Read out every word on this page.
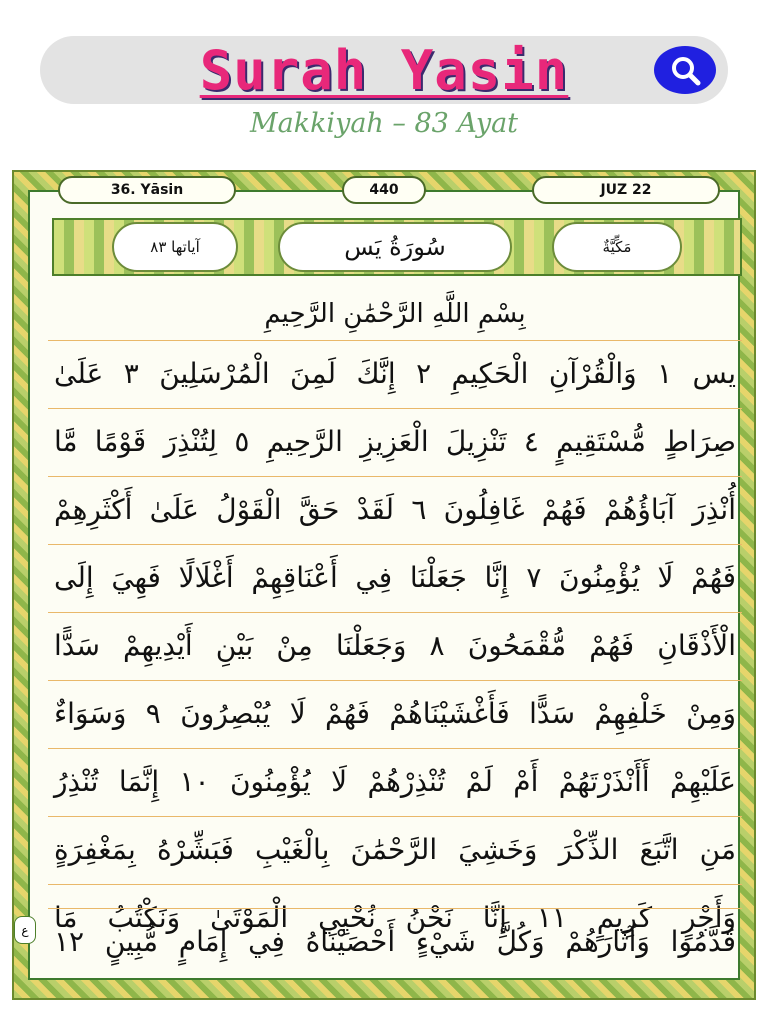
Surah Yasin
Makkiyah – 83 Ayat
36. Yāsin	440	JUZ 22
آياتها ٨٣	سُورَةُ يَس	مَكِّيَّةٌ
بِسْمِ اللَّهِ الرَّحْمَٰنِ الرَّحِيمِ
يس ١ وَالْقُرْآنِ الْحَكِيمِ ٢ إِنَّكَ لَمِنَ الْمُرْسَلِينَ ٣ عَلَىٰ
صِرَاطٍ مُّسْتَقِيمٍ ٤ تَنْزِيلَ الْعَزِيزِ الرَّحِيمِ ٥ لِتُنْذِرَ قَوْمًا مَّا
أُنْذِرَ آبَاؤُهُمْ فَهُمْ غَافِلُونَ ٦ لَقَدْ حَقَّ الْقَوْلُ عَلَىٰ أَكْثَرِهِمْ
فَهُمْ لَا يُؤْمِنُونَ ٧ إِنَّا جَعَلْنَا فِي أَعْنَاقِهِمْ أَغْلَالًا فَهِيَ إِلَى
الْأَذْقَانِ فَهُمْ مُّقْمَحُونَ ٨ وَجَعَلْنَا مِنْ بَيْنِ أَيْدِيهِمْ سَدًّا
وَمِنْ خَلْفِهِمْ سَدًّا فَأَغْشَيْنَاهُمْ فَهُمْ لَا يُبْصِرُونَ ٩ وَسَوَاءٌ
عَلَيْهِمْ أَأَنْذَرْتَهُمْ أَمْ لَمْ تُنْذِرْهُمْ لَا يُؤْمِنُونَ ١٠ إِنَّمَا تُنْذِرُ
مَنِ اتَّبَعَ الذِّكْرَ وَخَشِيَ الرَّحْمَٰنَ بِالْغَيْبِ فَبَشِّرْهُ بِمَغْفِرَةٍ
وَأَجْرٍ كَرِيمٍ ١١ إِنَّا نَحْنُ نُحْيِي الْمَوْتَىٰ وَنَكْتُبُ مَا
قَدَّمُوا وَآثَارَهُمْ وَكُلَّ شَيْءٍ أَحْصَيْنَاهُ فِي إِمَامٍ مُّبِينٍ ١٢
ع
